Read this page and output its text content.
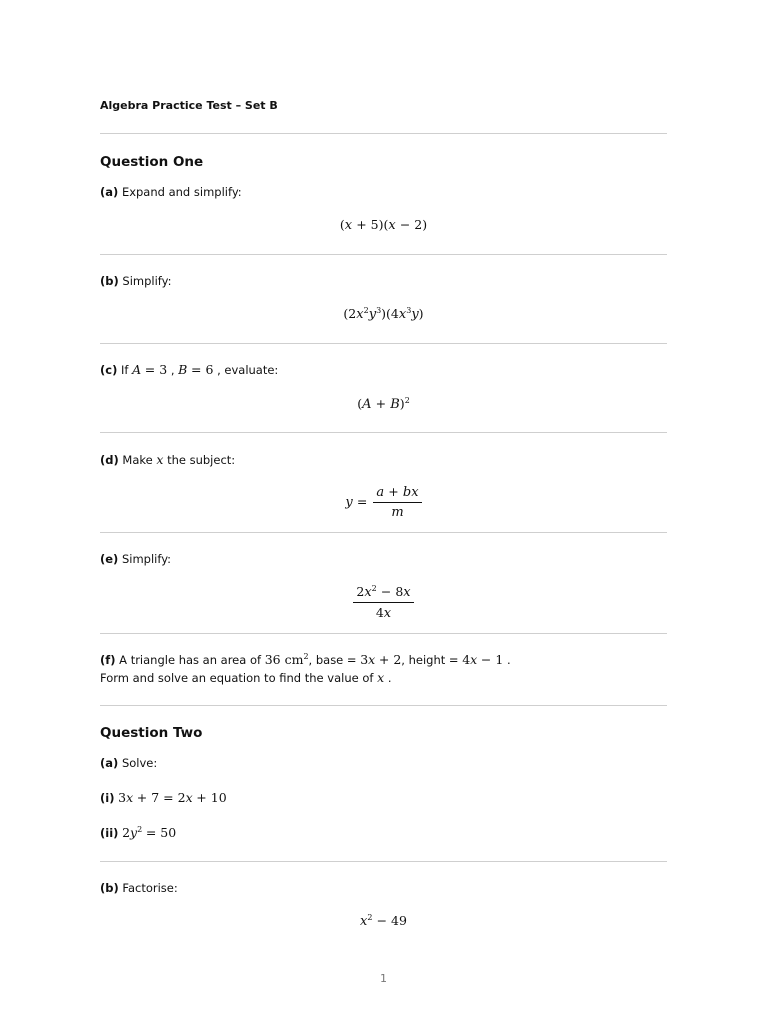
Algebra Practice Test – Set B
Question One
(a) Expand and simplify:
(x + 5)(x − 2)
(b) Simplify:
$(2x^2y^3)(4x^3y)$
(c) If A = 3 , B = 6 , evaluate:
$(A + B)^2$
(d) Make x the subject:
$y = \frac{a + bx}{m}$
(e) Simplify:
$\frac{2x^2 - 8x}{4x}$
(f) A triangle has an area of 36 $cm^2$, base = 3x + 2, height = 4x − 1 .
Form and solve an equation to find the value of x .
Question Two
(a) Solve:
(i) 3x + 7 = 2x + 10
(ii) $2y^2 = 50$
(b) Factorise:
$x^2 - 49$
1
